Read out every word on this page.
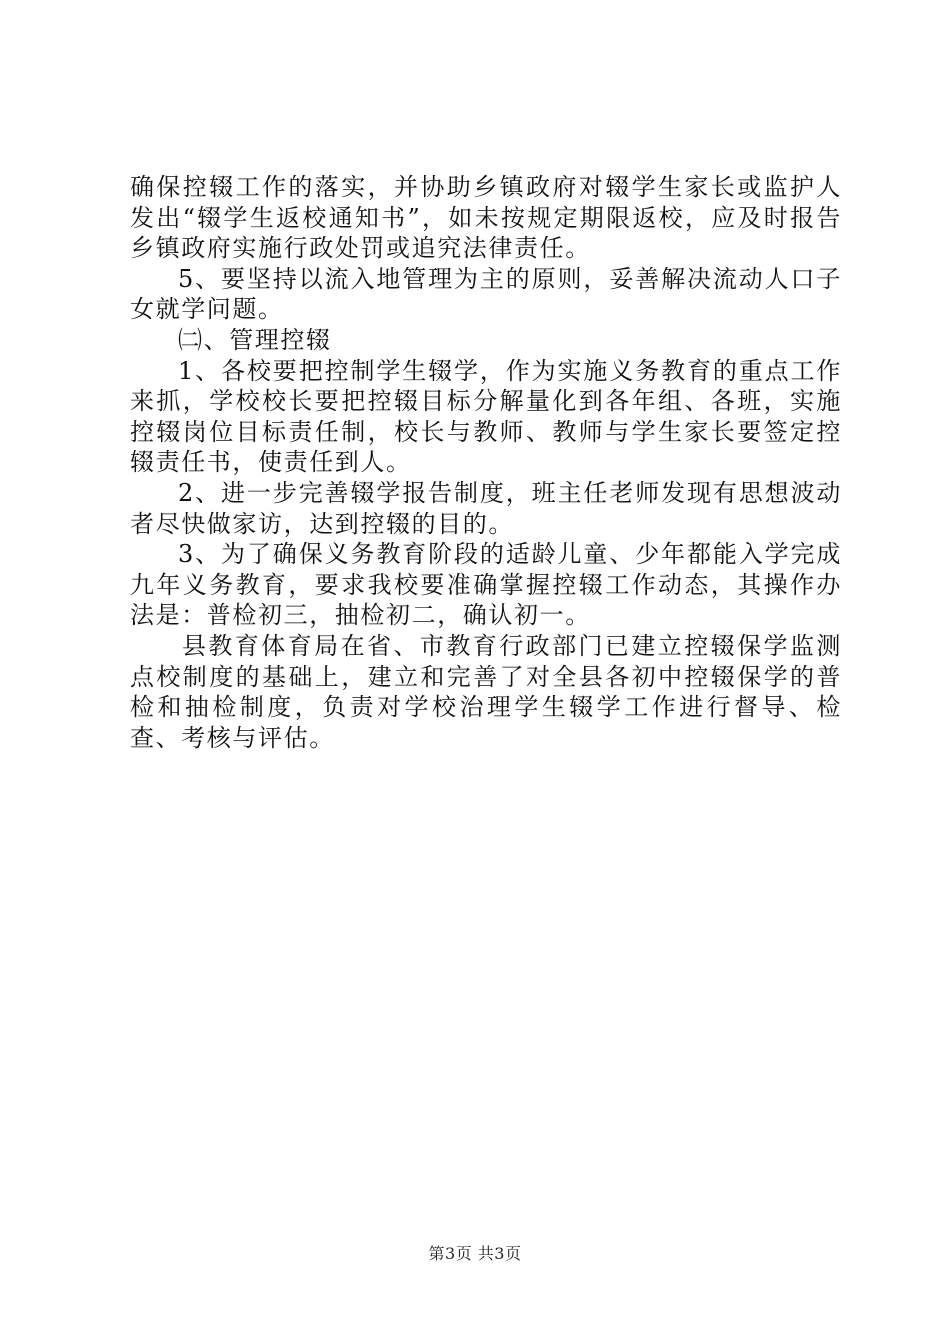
确保控辍工作的落实，并协助乡镇政府对辍学生家长或监护人发出“辍学生返校通知书”，如未按规定期限返校，应及时报告乡镇政府实施行政处罚或追究法律责任。

5、要坚持以流入地管理为主的原则，妥善解决流动人口子女就学问题。

㈡、管理控辍

1、各校要把控制学生辍学，作为实施义务教育的重点工作来抓，学校校长要把控辍目标分解量化到各年组、各班，实施控辍岗位目标责任制，校长与教师、教师与学生家长要签定控辍责任书，使责任到人。

2、进一步完善辍学报告制度，班主任老师发现有思想波动者尽快做家访，达到控辍的目的。

3、为了确保义务教育阶段的适龄儿童、少年都能入学完成九年义务教育，要求我校要准确掌握控辍工作动态，其操作办法是：普检初三，抽检初二，确认初一。

县教育体育局在省、市教育行政部门已建立控辍保学监测点校制度的基础上，建立和完善了对全县各初中控辍保学的普检和抽检制度，负责对学校治理学生辍学工作进行督导、检查、考核与评估。

第3页 共3页
